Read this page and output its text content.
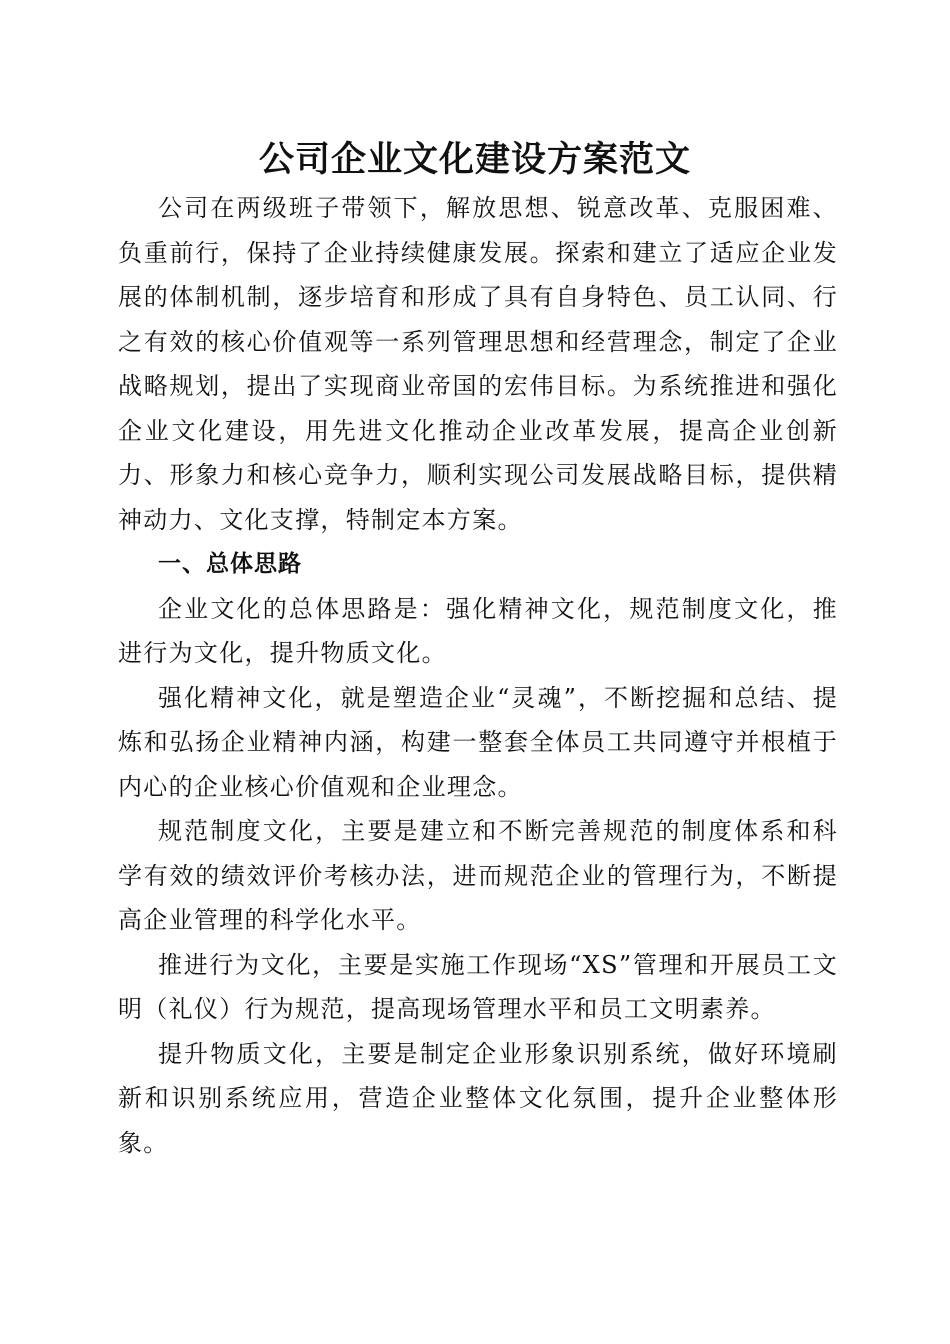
公司企业文化建设方案范文

公司在两级班子带领下，解放思想、锐意改革、克服困难、负重前行，保持了企业持续健康发展。探索和建立了适应企业发展的体制机制，逐步培育和形成了具有自身特色、员工认同、行之有效的核心价值观等一系列管理思想和经营理念，制定了企业战略规划，提出了实现商业帝国的宏伟目标。为系统推进和强化企业文化建设，用先进文化推动企业改革发展，提高企业创新力、形象力和核心竞争力，顺利实现公司发展战略目标，提供精神动力、文化支撑，特制定本方案。

一、总体思路

企业文化的总体思路是：强化精神文化，规范制度文化，推进行为文化，提升物质文化。

强化精神文化，就是塑造企业“灵魂”，不断挖掘和总结、提炼和弘扬企业精神内涵，构建一整套全体员工共同遵守并根植于内心的企业核心价值观和企业理念。

规范制度文化，主要是建立和不断完善规范的制度体系和科学有效的绩效评价考核办法，进而规范企业的管理行为，不断提高企业管理的科学化水平。

推进行为文化，主要是实施工作现场“XS”管理和开展员工文明（礼仪）行为规范，提高现场管理水平和员工文明素养。

提升物质文化，主要是制定企业形象识别系统，做好环境刷新和识别系统应用，营造企业整体文化氛围，提升企业整体形象。
